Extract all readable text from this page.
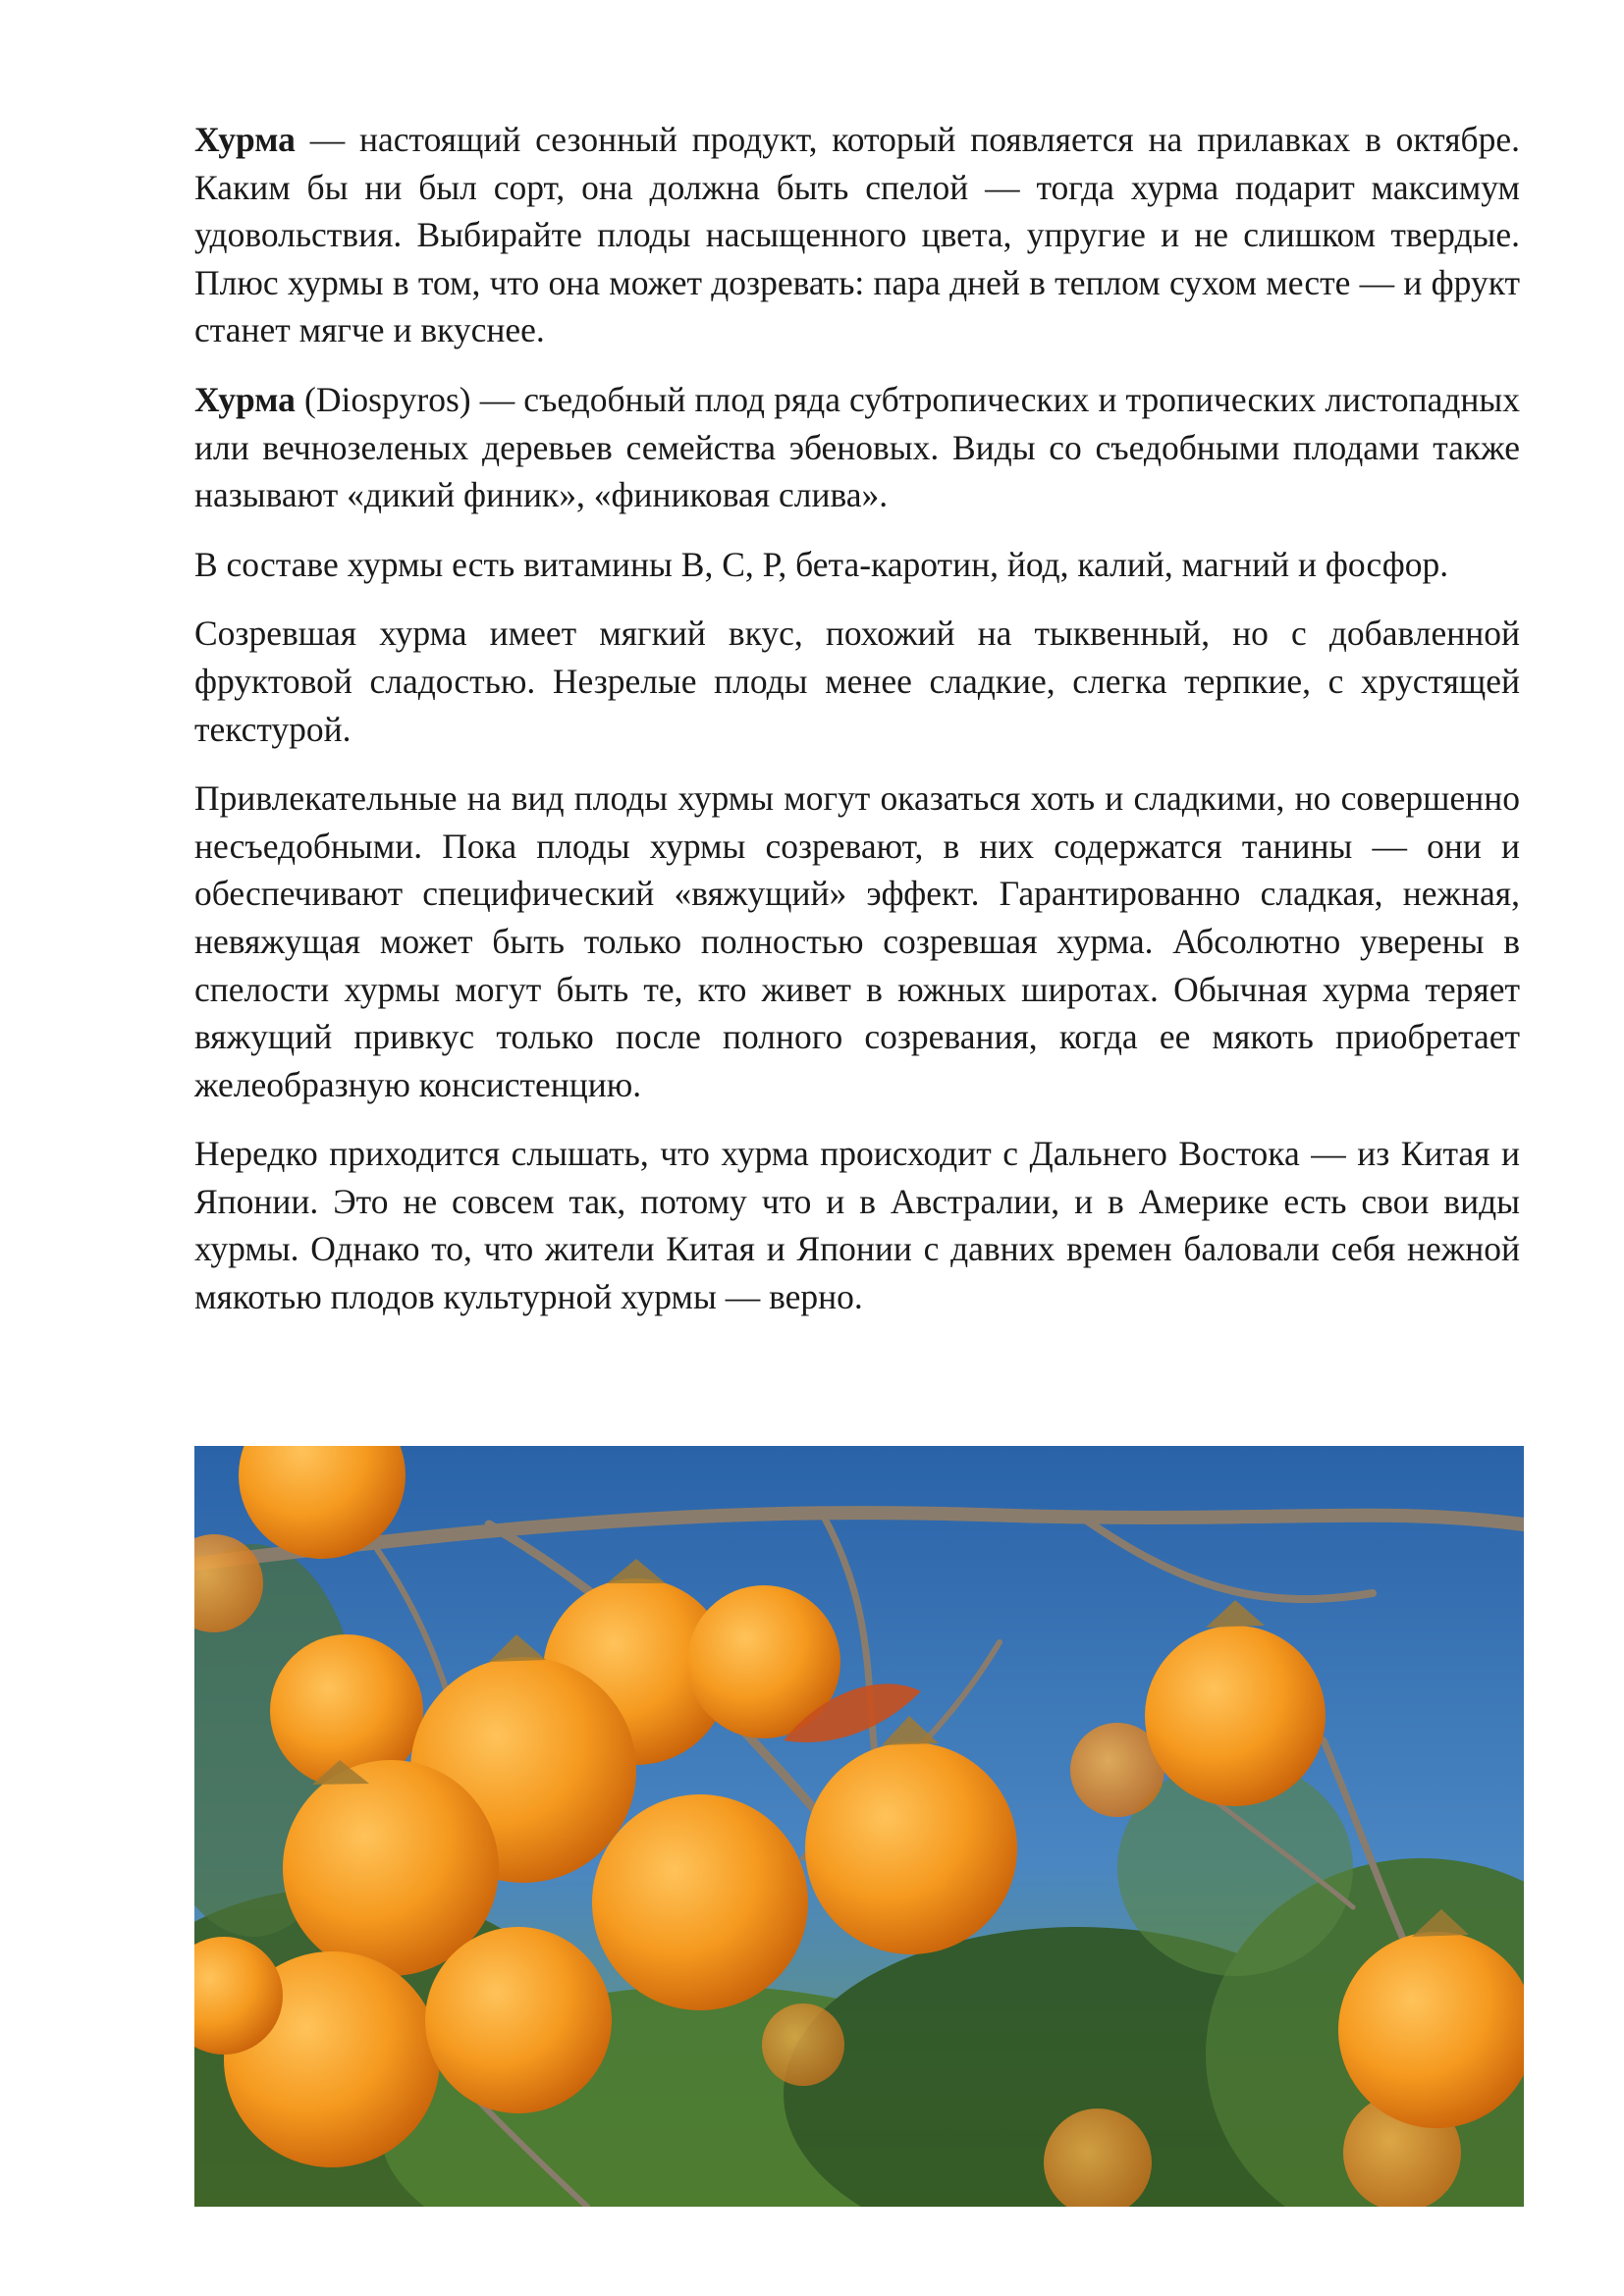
Хурма — настоящий сезонный продукт, который появляется на прилавках в октябре. Каким бы ни был сорт, она должна быть спелой — тогда хурма подарит максимум удовольствия. Выбирайте плоды насыщенного цвета, упругие и не слишком твердые. Плюс хурмы в том, что она может дозревать: пара дней в теплом сухом месте — и фрукт станет мягче и вкуснее.

Хурма (Diospyros) — съедобный плод ряда субтропических и тропических листопадных или вечнозеленых деревьев семейства эбеновых. Виды со съедобными плодами также называют «дикий финик», «финиковая слива».

В составе хурмы есть витамины B, C, P, бета-каротин, йод, калий, магний и фосфор.

Созревшая хурма имеет мягкий вкус, похожий на тыквенный, но с добавленной фруктовой сладостью. Незрелые плоды менее сладкие, слегка терпкие, с хрустящей текстурой.

Привлекательные на вид плоды хурмы могут оказаться хоть и сладкими, но совершенно несъедобными. Пока плоды хурмы созревают, в них содержатся танины — они и обеспечивают специфический «вяжущий» эффект. Гарантированно сладкая, нежная, невяжущая может быть только полностью созревшая хурма. Абсолютно уверены в спелости хурмы могут быть те, кто живет в южных широтах. Обычная хурма теряет вяжущий привкус только после полного созревания, когда ее мякоть приобретает желеобразную консистенцию.

Нередко приходится слышать, что хурма происходит с Дальнего Востока — из Китая и Японии. Это не совсем так, потому что и в Австралии, и в Америке есть свои виды хурмы. Однако то, что жители Китая и Японии с давних времен баловали себя нежной мякотью плодов культурной хурмы — верно.
